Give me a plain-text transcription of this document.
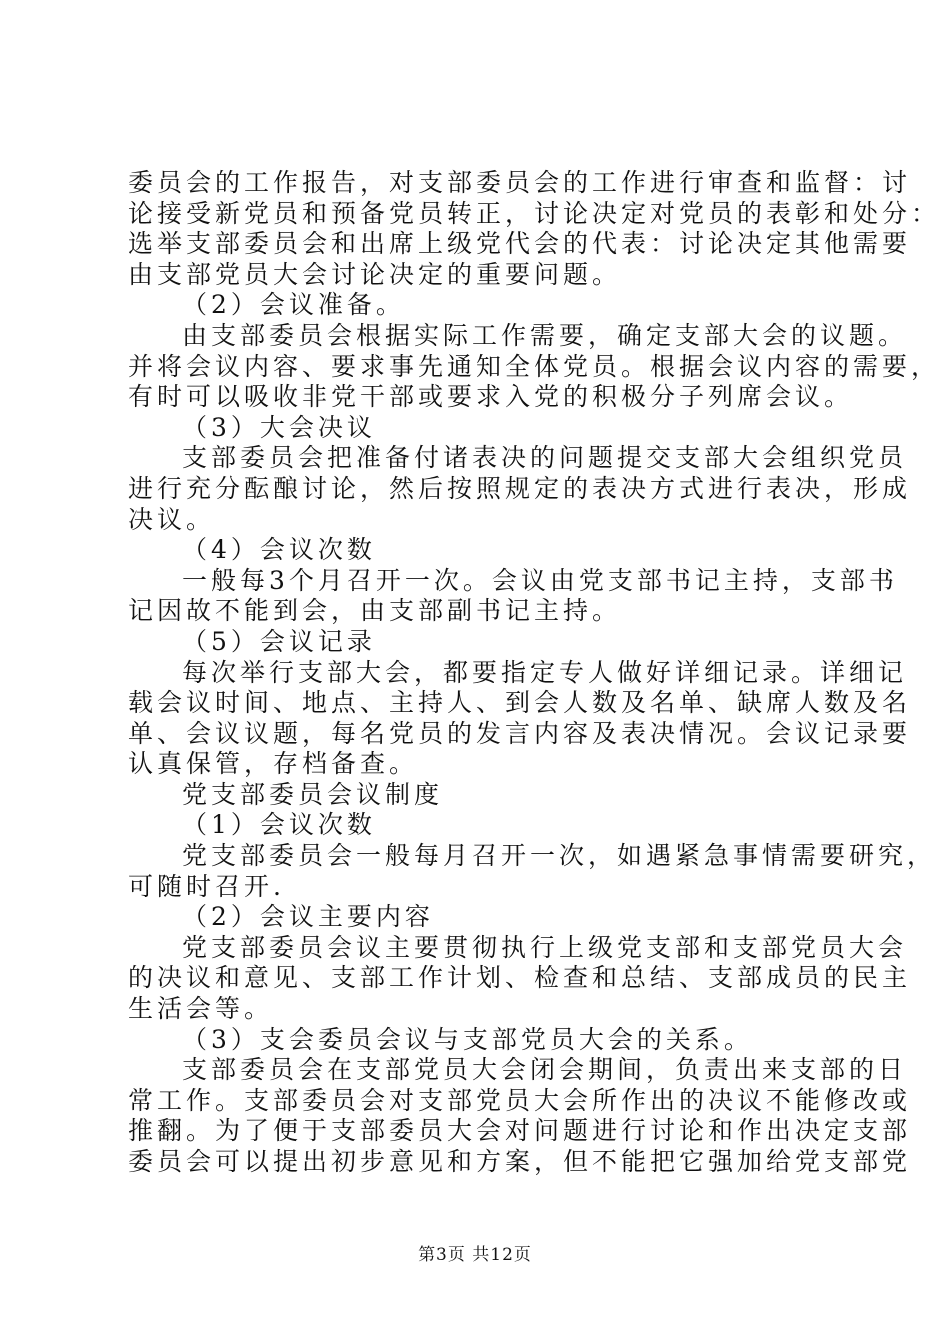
委员会的工作报告，对支部委员会的工作进行审查和监督：讨
论接受新党员和预备党员转正，讨论决定对党员的表彰和处分：
选举支部委员会和出席上级党代会的代表：讨论决定其他需要
由支部党员大会讨论决定的重要问题。
（2）会议准备。
由支部委员会根据实际工作需要，确定支部大会的议题。
并将会议内容、要求事先通知全体党员。根据会议内容的需要，
有时可以吸收非党干部或要求入党的积极分子列席会议。
（3）大会决议
支部委员会把准备付诸表决的问题提交支部大会组织党员
进行充分酝酿讨论，然后按照规定的表决方式进行表决，形成
决议。
（4）会议次数
一般每3个月召开一次。会议由党支部书记主持，支部书
记因故不能到会，由支部副书记主持。
（5）会议记录
每次举行支部大会，都要指定专人做好详细记录。详细记
载会议时间、地点、主持人、到会人数及名单、缺席人数及名
单、会议议题，每名党员的发言内容及表决情况。会议记录要
认真保管，存档备查。
党支部委员会议制度
（1）会议次数
党支部委员会一般每月召开一次，如遇紧急事情需要研究，
可随时召开.
（2）会议主要内容
党支部委员会议主要贯彻执行上级党支部和支部党员大会
的决议和意见、支部工作计划、检查和总结、支部成员的民主
生活会等。
（3）支会委员会议与支部党员大会的关系。
支部委员会在支部党员大会闭会期间，负责出来支部的日
常工作。支部委员会对支部党员大会所作出的决议不能修改或
推翻。为了便于支部委员大会对问题进行讨论和作出决定支部
委员会可以提出初步意见和方案，但不能把它强加给党支部党
第3页 共12页
